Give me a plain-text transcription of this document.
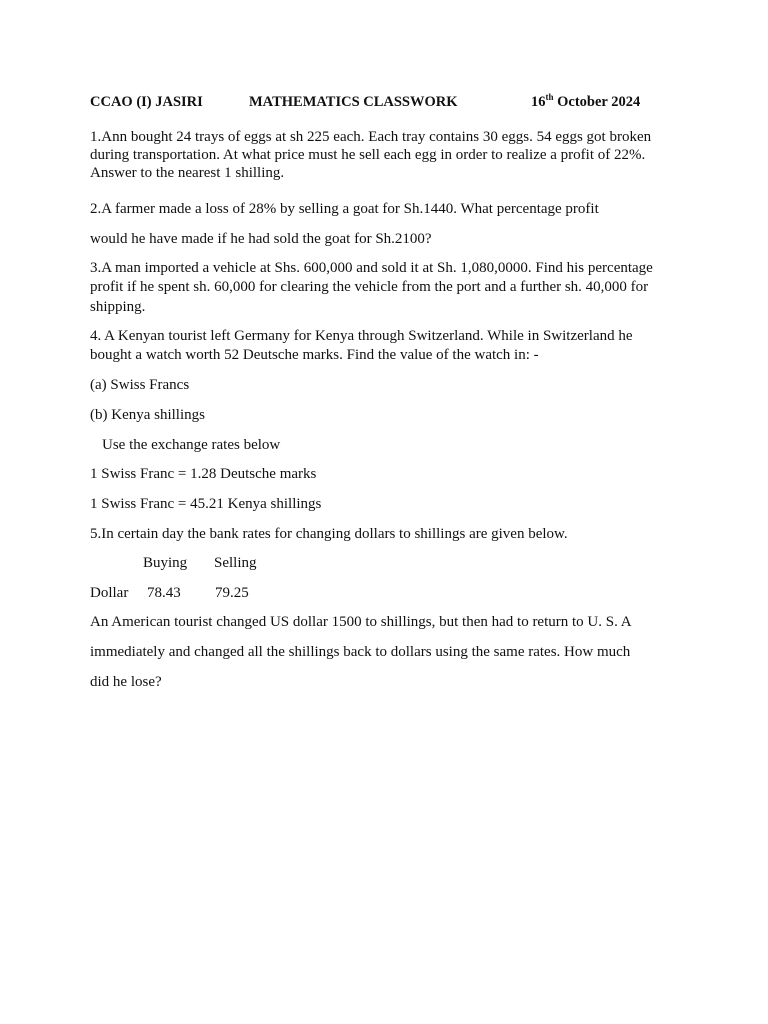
CCAO (I) JASIRI	MATHEMATICS CLASSWORK	16th October 2024
1.Ann bought 24 trays of eggs at sh 225 each. Each tray contains 30 eggs. 54 eggs got broken
during transportation. At what price must he sell each egg in order to realize a profit of 22%.
Answer to the nearest 1 shilling.
2.A farmer made a loss of 28% by selling a goat for Sh.1440. What percentage profit
would he have made if he had sold the goat for Sh.2100?
3.A man imported a vehicle at Shs. 600,000 and sold it at Sh. 1,080,0000. Find his percentage
profit if he spent sh. 60,000 for clearing the vehicle from the port and a further sh. 40,000 for
shipping.
4. A Kenyan tourist left Germany for Kenya through Switzerland. While in Switzerland he
bought a watch worth 52 Deutsche marks. Find the value of the watch in: -
(a) Swiss Francs
(b) Kenya shillings
Use the exchange rates below
1 Swiss Franc = 1.28 Deutsche marks
1 Swiss Franc = 45.21 Kenya shillings
5.In certain day the bank rates for changing dollars to shillings are given below.
Buying Selling
Dollar 78.43 79.25
An American tourist changed US dollar 1500 to shillings, but then had to return to U. S. A
immediately and changed all the shillings back to dollars using the same rates. How much
did he lose?
